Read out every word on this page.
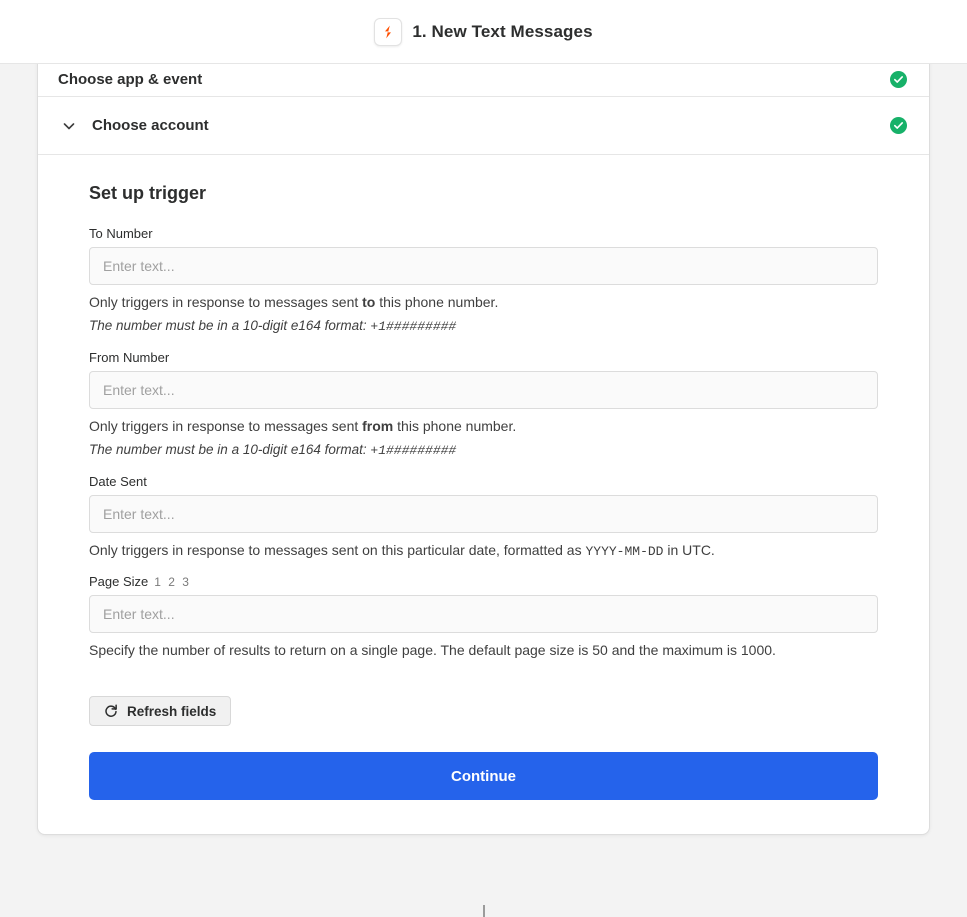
1. New Text Messages
Choose app & event
Choose account
Set up trigger
To Number
Enter text...

Only triggers in response to messages sent to this phone number.

The number must be in a 10-digit e164 format: +1#########

From Number
Enter text...

Only triggers in response to messages sent from this phone number.

The number must be in a 10-digit e164 format: +1#########

Date Sent
Enter text...

Only triggers in response to messages sent on this particular date, formatted as YYYY-MM-DD in UTC.

Page Size 1 2 3
Enter text...

Specify the number of results to return on a single page. The default page size is 50 and the maximum is 1000.

Refresh fields
Continue
